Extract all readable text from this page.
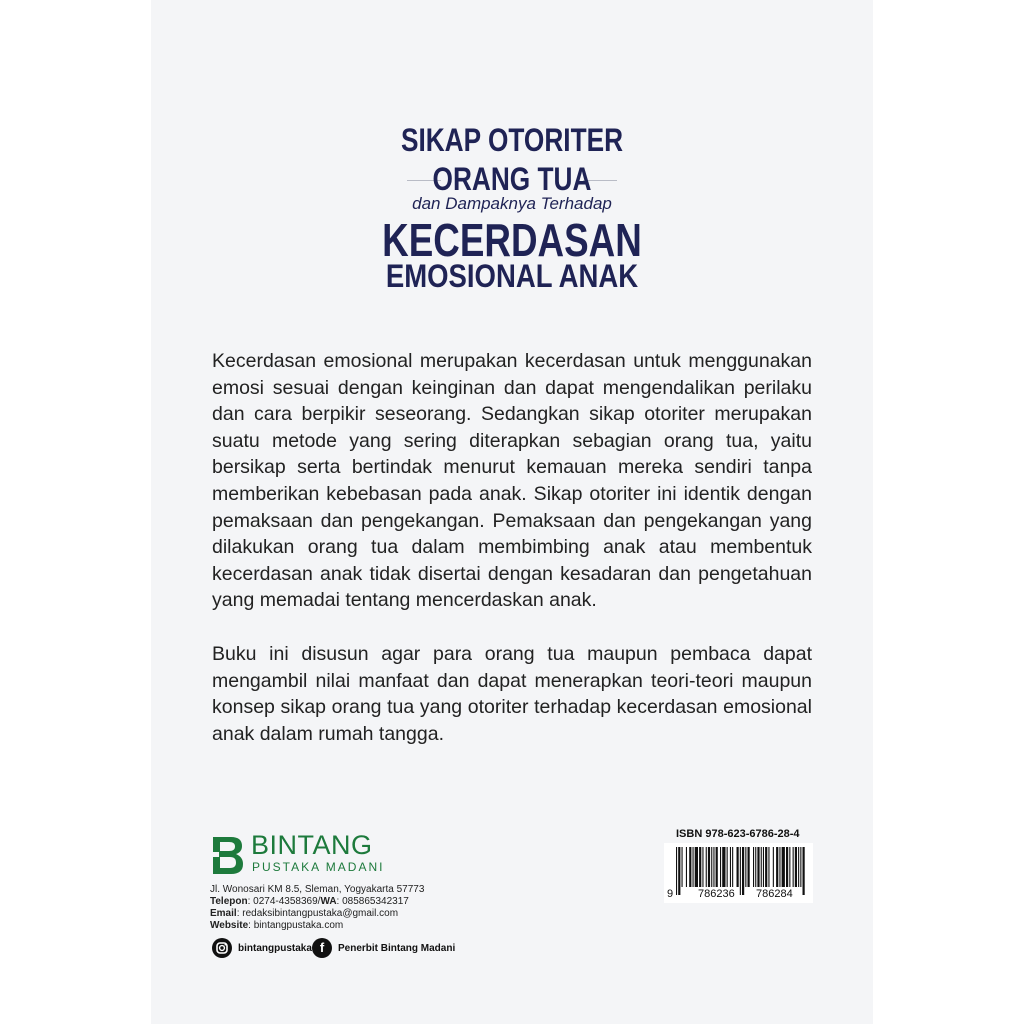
SIKAP OTORITER
ORANG TUA
dan Dampaknya Terhadap
KECERDASAN
EMOSIONAL ANAK

Kecerdasan emosional merupakan kecerdasan untuk menggunakan emosi sesuai dengan keinginan dan dapat mengendalikan perilaku dan cara berpikir seseorang. Sedangkan sikap otoriter merupakan suatu metode yang sering diterapkan sebagian orang tua, yaitu bersikap serta bertindak menurut kemauan mereka sendiri tanpa memberikan kebebasan pada anak. Sikap otoriter ini identik dengan pemaksaan dan pengekangan. Pemaksaan dan pengekangan yang dilakukan orang tua dalam membimbing anak atau membentuk kecerdasan anak tidak disertai dengan kesadaran dan pengetahuan yang memadai tentang mencerdaskan anak.

Buku ini disusun agar para orang tua maupun pembaca dapat mengambil nilai manfaat dan dapat menerapkan teori-teori maupun konsep sikap orang tua yang otoriter terhadap kecerdasan emosional anak dalam rumah tangga.

BINTANG
PUSTAKA MADANI
Jl. Wonosari KM 8.5, Sleman, Yogyakarta 57773
Telepon: 0274-4358369/WA: 085865342317
Email: redaksibintangpustaka@gmail.com
Website: bintangpustaka.com
bintangpustaka f	Penerbit Bintang Madani
ISBN 978-623-6786-28-4
9 786236 786284
